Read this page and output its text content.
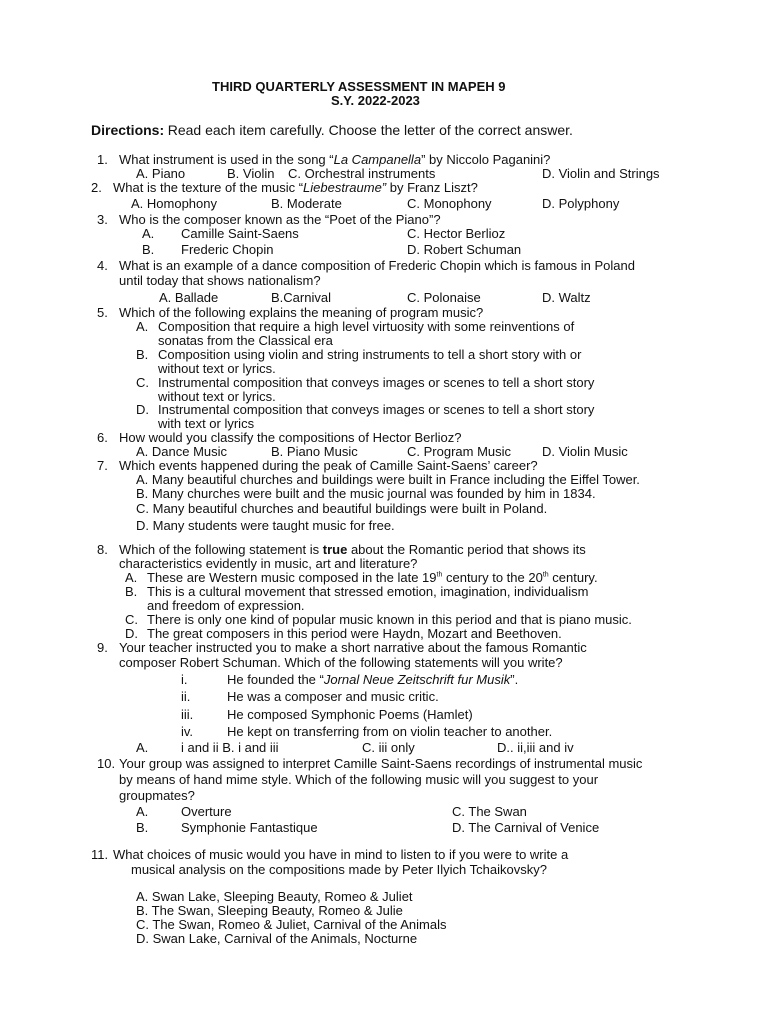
THIRD QUARTERLY ASSESSMENT IN MAPEH 9

S.Y. 2022-2023

Directions: Read each item carefully. Choose the letter of the correct answer.

1. What instrument is used in the song “La Campanella” by Niccolo Paganini?

A. Piano	B. Violin C. Orchestral instruments	D. Violin and Strings

2. What is the texture of the music “Liebestraume” by Franz Liszt?

A. Homophony	B. Moderate	C. Monophony	D. Polyphony

3. Who is the composer known as the “Poet of the Piano”?

A. Camille Saint-Saens	C. Hector Berlioz

B. Frederic Chopin	D. Robert Schuman

4. What is an example of a dance composition of Frederic Chopin which is famous in Poland

until today that shows nationalism?

A. Ballade	B.Carnival	C. Polonaise	D. Waltz

5. Which of the following explains the meaning of program music?

A. Composition that require a high level virtuosity with some reinventions of

sonatas from the Classical era

B. Composition using violin and string instruments to tell a short story with or

without text or lyrics.

C. Instrumental composition that conveys images or scenes to tell a short story

without text or lyrics.

D. Instrumental composition that conveys images or scenes to tell a short story

with text or lyrics

6. How would you classify the compositions of Hector Berlioz?

A. Dance Music	B. Piano Music	C. Program Music D. Violin Music

7. Which events happened during the peak of Camille Saint-Saens’ career?

A. Many beautiful churches and buildings were built in France including the Eiffel Tower.

B. Many churches were built and the music journal was founded by him in 1834.

C. Many beautiful churches and beautiful buildings were built in Poland.

D. Many students were taught music for free.

8. Which of the following statement is true about the Romantic period that shows its

characteristics evidently in music, art and literature?

A. These are Western music composed in the late 19th century to the 20th century.

B. This is a cultural movement that stressed emotion, imagination, individualism

and freedom of expression.

C. There is only one kind of popular music known in this period and that is piano music.

D. The great composers in this period were Haydn, Mozart and Beethoven.

9. Your teacher instructed you to make a short narrative about the famous Romantic

composer Robert Schuman. Which of the following statements will you write?

i.	He founded the “Jornal Neue Zeitschrift fur Musik”.

ii.	He was a composer and music critic.

iii.	He composed Symphonic Poems (Hamlet)

iv.	He kept on transferring from on violin teacher to another.

A.	i and ii B. i and iii	C. iii only	D.. ii,iii and iv

10. Your group was assigned to interpret Camille Saint-Saens recordings of instrumental music

by means of hand mime style. Which of the following music will you suggest to your

groupmates?

A.	Overture	C. The Swan

B.	Symphonie Fantastique	D. The Carnival of Venice

11. What choices of music would you have in mind to listen to if you were to write a

musical analysis on the compositions made by Peter Ilyich Tchaikovsky?

A. Swan Lake, Sleeping Beauty, Romeo & Juliet

B. The Swan, Sleeping Beauty, Romeo & Julie

C. The Swan, Romeo & Juliet, Carnival of the Animals

D. Swan Lake, Carnival of the Animals, Nocturne
